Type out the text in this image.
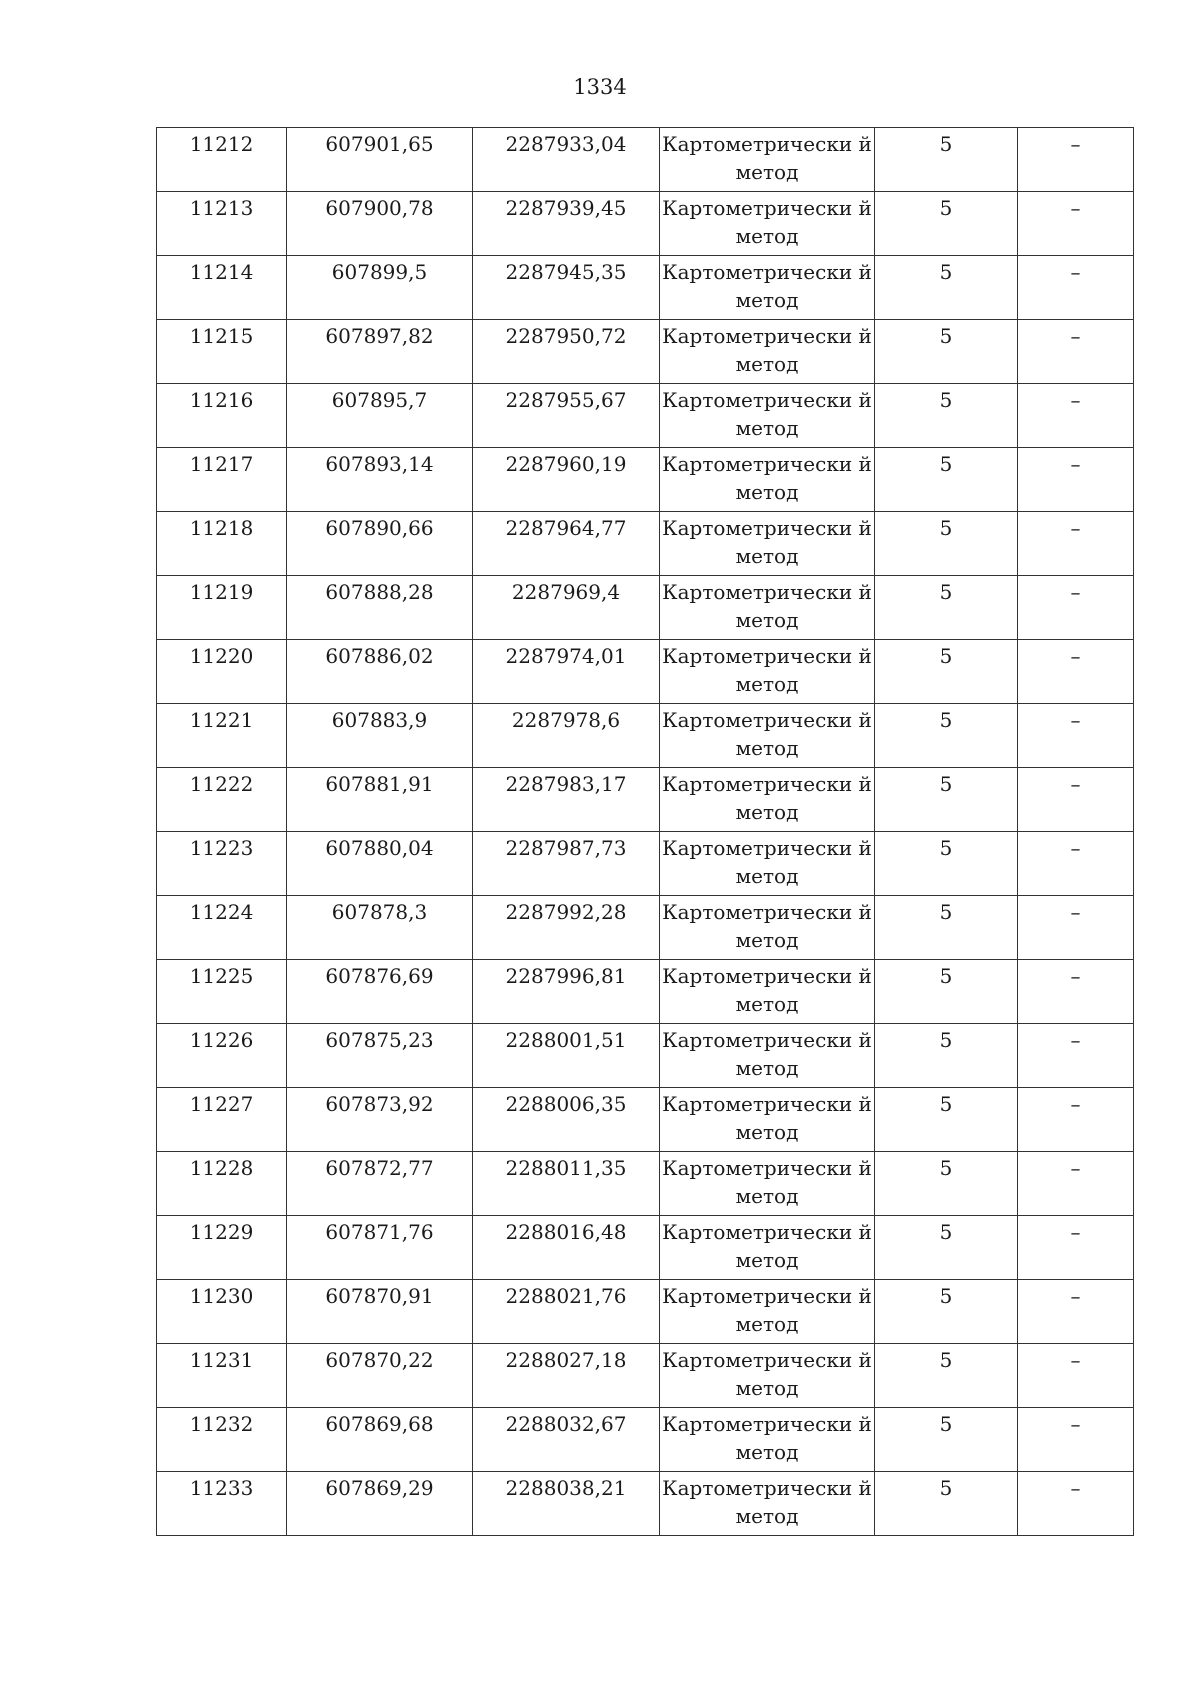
1334
11212	607901,65	2287933,04	Картометрически й метод	5	–
11213	607900,78	2287939,45	Картометрически й метод	5	–
11214	607899,5	2287945,35	Картометрически й метод	5	–
11215	607897,82	2287950,72	Картометрически й метод	5	–
11216	607895,7	2287955,67	Картометрически й метод	5	–
11217	607893,14	2287960,19	Картометрически й метод	5	–
11218	607890,66	2287964,77	Картометрически й метод	5	–
11219	607888,28	2287969,4	Картометрически й метод	5	–
11220	607886,02	2287974,01	Картометрически й метод	5	–
11221	607883,9	2287978,6	Картометрически й метод	5	–
11222	607881,91	2287983,17	Картометрически й метод	5	–
11223	607880,04	2287987,73	Картометрически й метод	5	–
11224	607878,3	2287992,28	Картометрически й метод	5	–
11225	607876,69	2287996,81	Картометрически й метод	5	–
11226	607875,23	2288001,51	Картометрически й метод	5	–
11227	607873,92	2288006,35	Картометрически й метод	5	–
11228	607872,77	2288011,35	Картометрически й метод	5	–
11229	607871,76	2288016,48	Картометрически й метод	5	–
11230	607870,91	2288021,76	Картометрически й метод	5	–
11231	607870,22	2288027,18	Картометрически й метод	5	–
11232	607869,68	2288032,67	Картометрически й метод	5	–
11233	607869,29	2288038,21	Картометрически й метод	5	–
